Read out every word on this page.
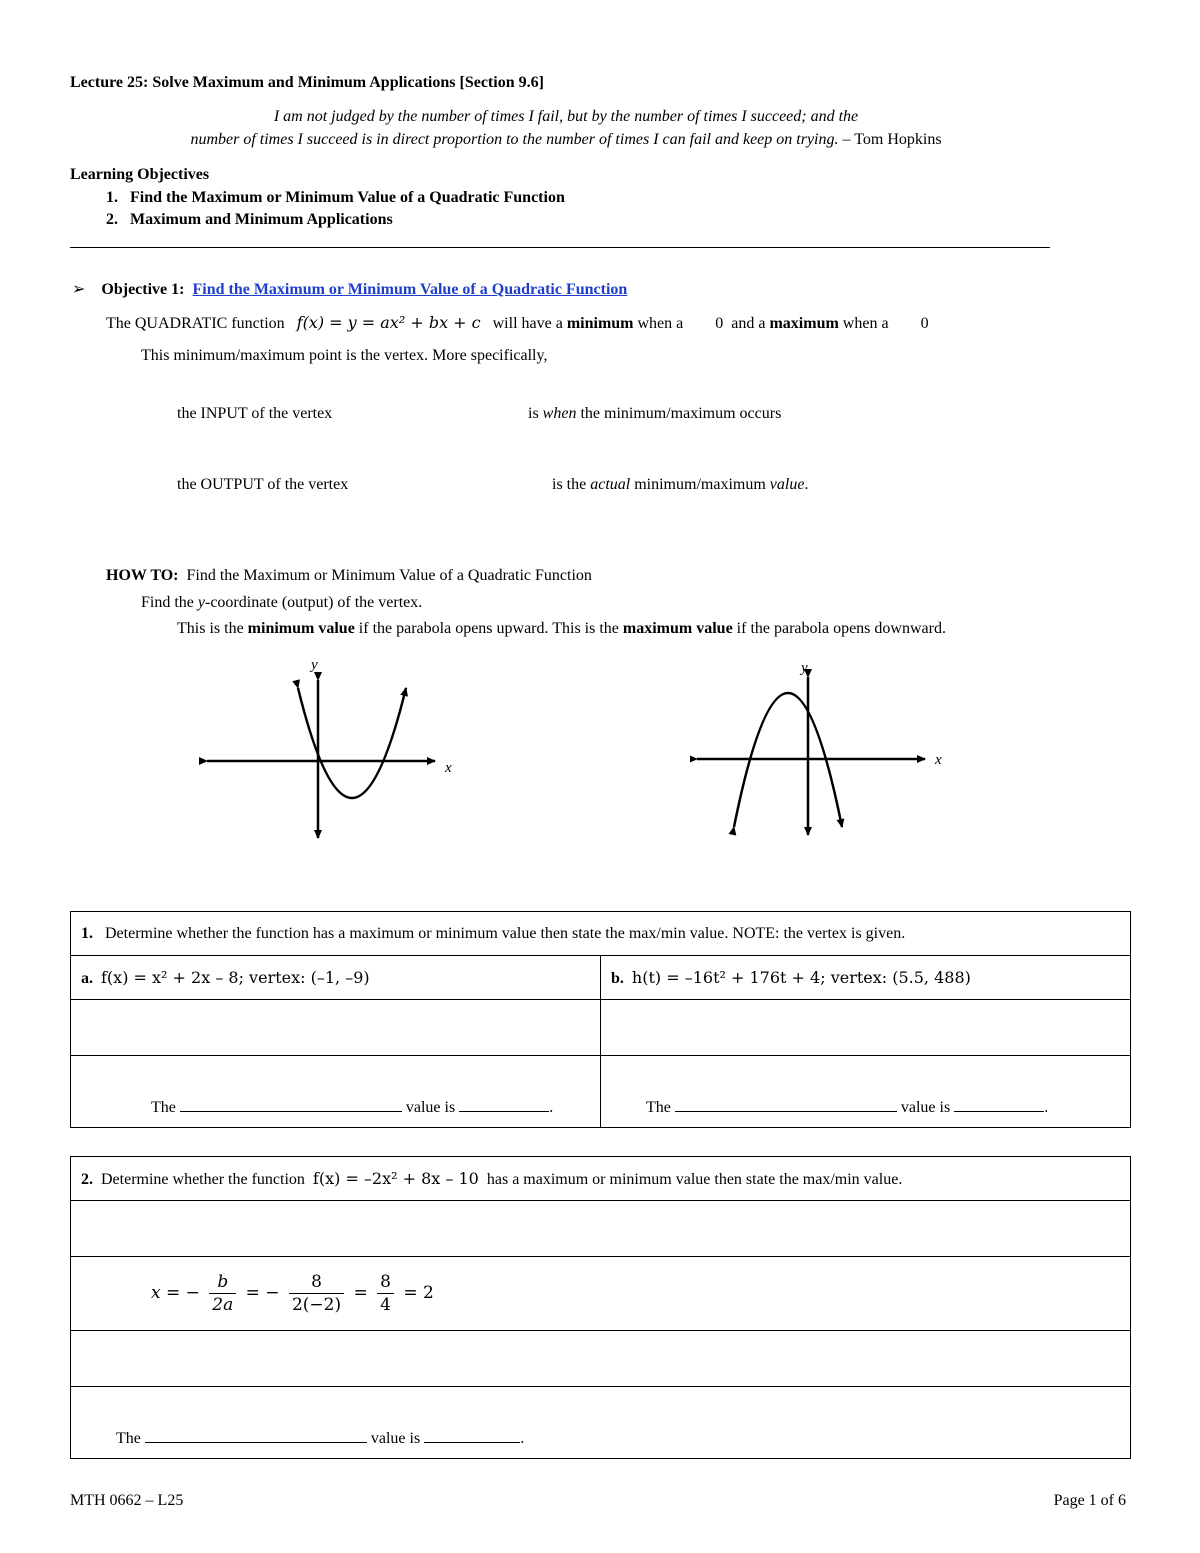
Lecture 25: Solve Maximum and Minimum Applications [Section 9.6]
I am not judged by the number of times I fail, but by the number of times I succeed; and the
number of times I succeed is in direct proportion to the number of times I can fail and keep on trying. – Tom Hopkins
Learning Objectives
1. Find the Maximum or Minimum Value of a Quadratic Function
2. Maximum and Minimum Applications
➢ Objective 1: Find the Maximum or Minimum Value of a Quadratic Function
The QUADRATIC function f(x) = y = ax² + bx + c will have a minimum when a 0 and a maximum when a 0
This minimum/maximum point is the vertex. More specifically,
the INPUT of the vertex	is when the minimum/maximum occurs
the OUTPUT of the vertex	is the actual minimum/maximum value.
HOW TO: Find the Maximum or Minimum Value of a Quadratic Function
Find the y-coordinate (output) of the vertex.
This is the minimum value if the parabola opens upward. This is the maximum value if the parabola opens downward.
y
x
y
x
1. Determine whether the function has a maximum or minimum value then state the max/min value. NOTE: the vertex is given.	
a. f(x) = x² + 2x – 8; vertex: (–1, –9)	b. h(t) = –16t² + 176t + 4; vertex: (5.5, 488)

The value is .	The value is .
2. Determine whether the function f(x) = –2x² + 8x – 10 has a maximum or minimum value then state the max/min value.

x = − $\frac{b}{2a}$ = − $\frac{8}{2(-2)} = \frac{8}{4} = 2$

The	value is	.
MTH 0662 – L25	Page 1 of 6
